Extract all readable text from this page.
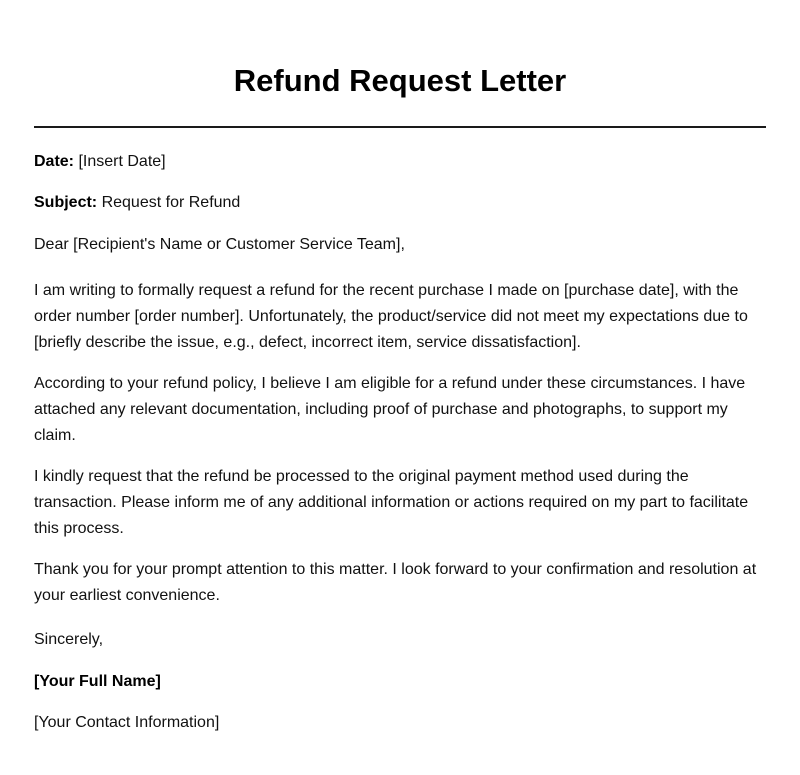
Refund Request Letter

Date: [Insert Date]

Subject: Request for Refund

Dear [Recipient's Name or Customer Service Team],

I am writing to formally request a refund for the recent purchase I made on [purchase date], with the order number [order number]. Unfortunately, the product/service did not meet my expectations due to [briefly describe the issue, e.g., defect, incorrect item, service dissatisfaction].

According to your refund policy, I believe I am eligible for a refund under these circumstances. I have attached any relevant documentation, including proof of purchase and photographs, to support my claim.

I kindly request that the refund be processed to the original payment method used during the transaction. Please inform me of any additional information or actions required on my part to facilitate this process.

Thank you for your prompt attention to this matter. I look forward to your confirmation and resolution at your earliest convenience.

Sincerely,

[Your Full Name]

[Your Contact Information]
